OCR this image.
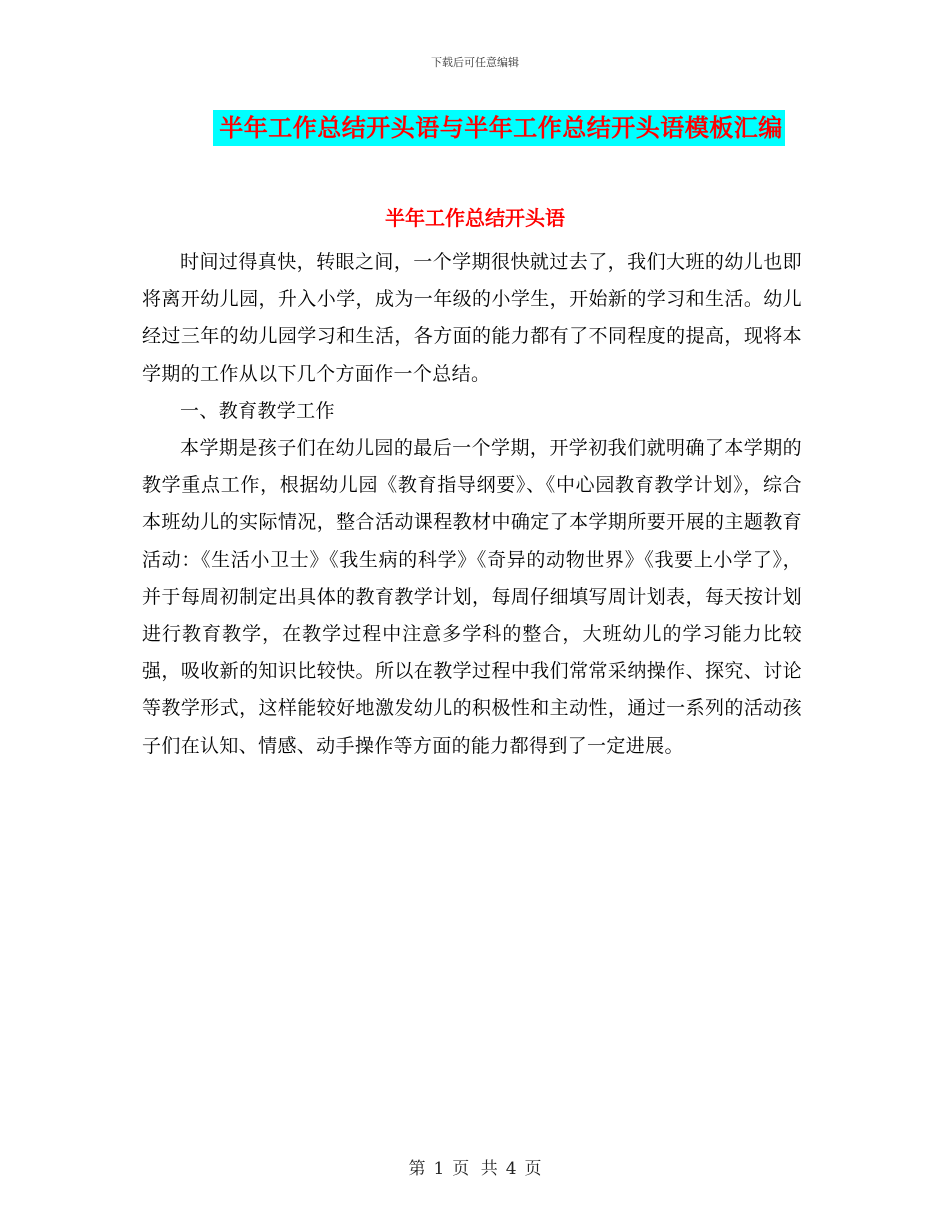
下载后可任意编辑
半年工作总结开头语与半年工作总结开头语模板汇编
半年工作总结开头语

时间过得真快，转眼之间，一个学期很快就过去了，我们大班的幼儿也即将离开幼儿园，升入小学，成为一年级的小学生，开始新的学习和生活。幼儿经过三年的幼儿园学习和生活，各方面的能力都有了不同程度的提高，现将本学期的工作从以下几个方面作一个总结。

一、教育教学工作

本学期是孩子们在幼儿园的最后一个学期，开学初我们就明确了本学期的教学重点工作，根据幼儿园《教育指导纲要》、《中心园教育教学计划》，综合本班幼儿的实际情况，整合活动课程教材中确定了本学期所要开展的主题教育活动：《生活小卫士》《我生病的科学》《奇异的动物世界》《我要上小学了》，并于每周初制定出具体的教育教学计划，每周仔细填写周计划表，每天按计划进行教育教学，在教学过程中注意多学科的整合，大班幼儿的学习能力比较强，吸收新的知识比较快。所以在教学过程中我们常常采纳操作、探究、讨论等教学形式，这样能较好地激发幼儿的积极性和主动性，通过一系列的活动孩子们在认知、情感、动手操作等方面的能力都得到了一定进展。

第 1 页 共 4 页
